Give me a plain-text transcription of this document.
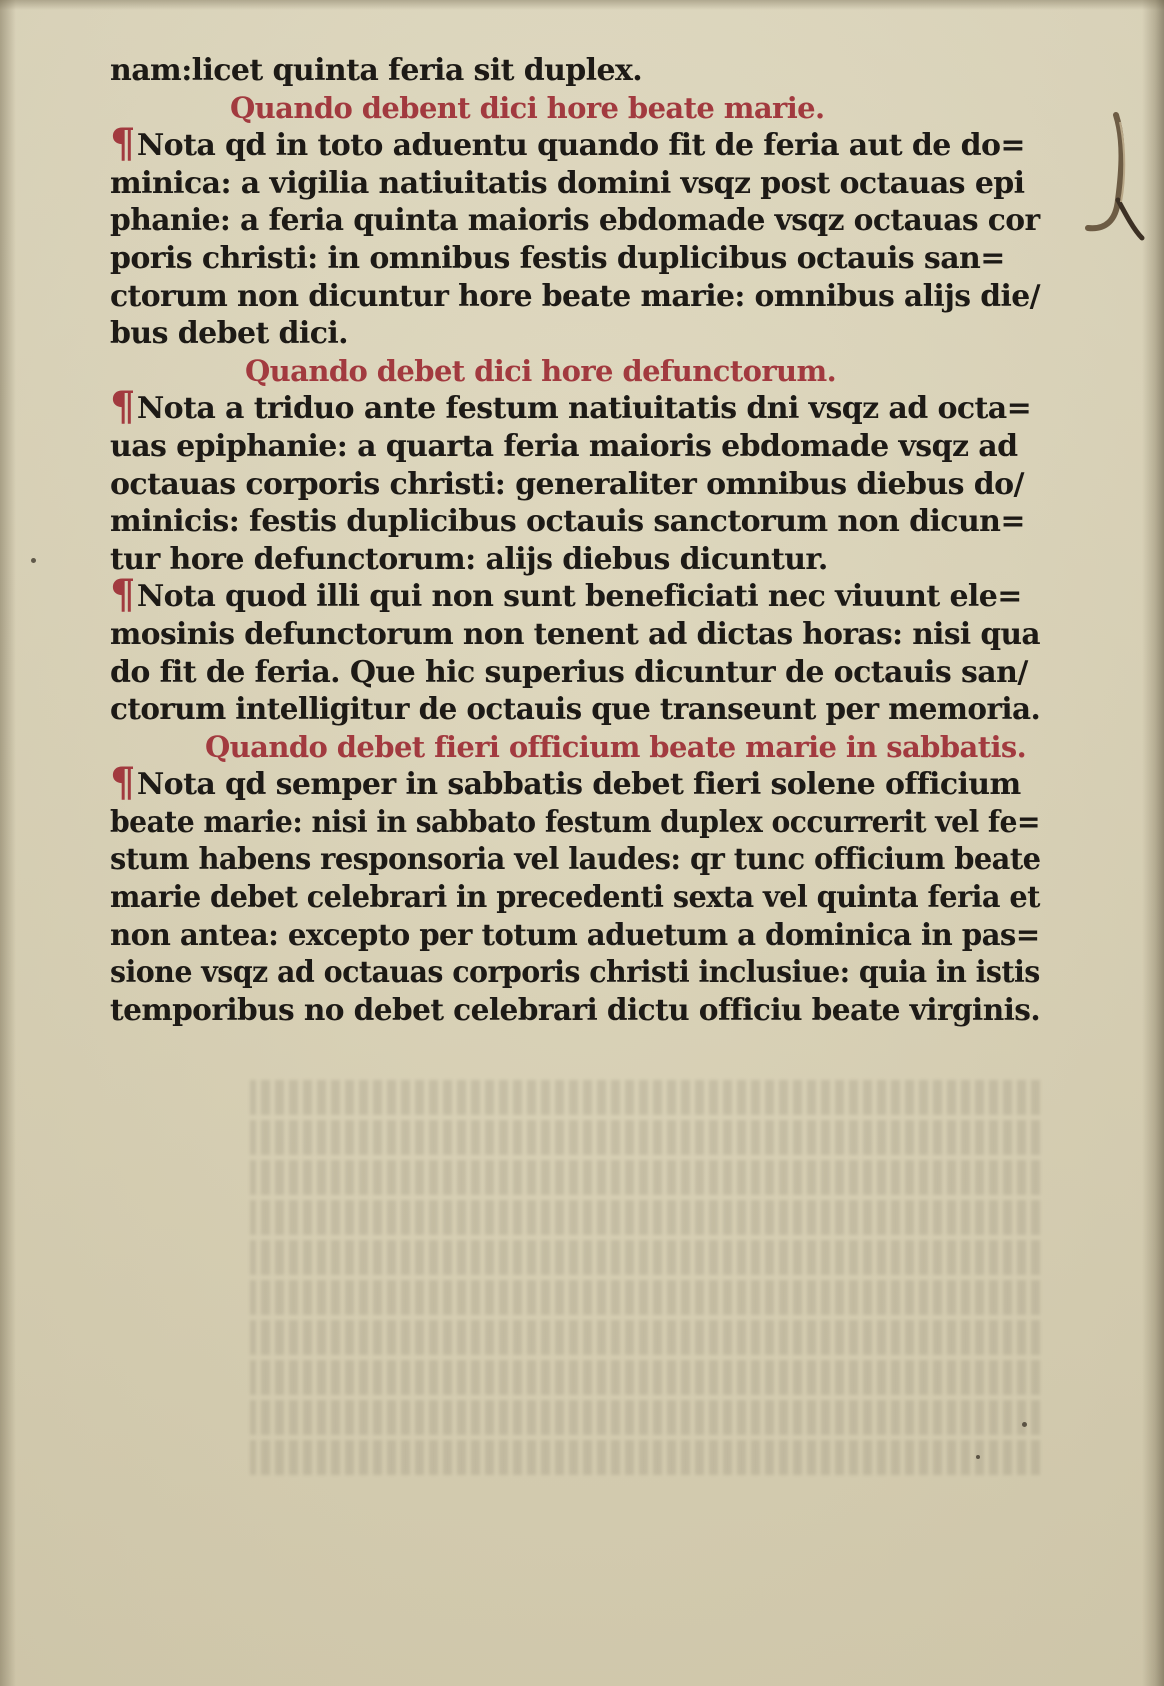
nam:licet quinta feria sit duplex.
Quando debent dici hore beate marie.
¶Nota qd in toto aduentu quando fit de feria aut de do=
minica: a vigilia natiuitatis domini vsqz post octauas epi
phanie: a feria quinta maioris ebdomade vsqz octauas cor
poris christi: in omnibus festis duplicibus octauis san=
ctorum non dicuntur hore beate marie: omnibus alijs die/
bus debet dici.
Quando debet dici hore defunctorum.
¶Nota a triduo ante festum natiuitatis dni vsqz ad octa=
uas epiphanie: a quarta feria maioris ebdomade vsqz ad
octauas corporis christi: generaliter omnibus diebus do/
minicis: festis duplicibus octauis sanctorum non dicun=
tur hore defunctorum: alijs diebus dicuntur.
¶Nota quod illi qui non sunt beneficiati nec viuunt ele=
mosinis defunctorum non tenent ad dictas horas: nisi qua
do fit de feria. Que hic superius dicuntur de octauis san/
ctorum intelligitur de octauis que transeunt per memoria.
Quando debet fieri officium beate marie in sabbatis.
¶Nota qd semper in sabbatis debet fieri solene officium
beate marie: nisi in sabbato festum duplex occurrerit vel fe=
stum habens responsoria vel laudes: qr tunc officium beate
marie debet celebrari in precedenti sexta vel quinta feria et
non antea: excepto per totum aduetum a dominica in pas=
sione vsqz ad octauas corporis christi inclusiue: quia in istis
temporibus no debet celebrari dictu officiu beate virginis.
